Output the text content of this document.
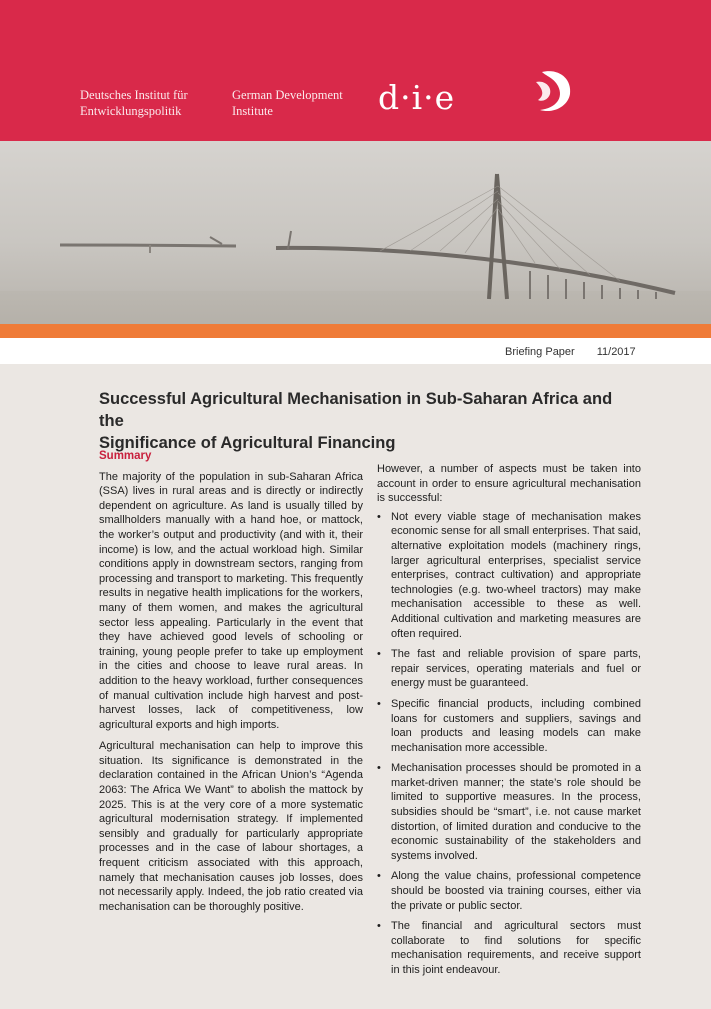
Deutsches Institut für
Entwicklungspolitik
German Development
Institute	d·i·e
Briefing Paper 11/2017
Successful Agricultural Mechanisation in Sub-Saharan Africa and the
Significance of Agricultural Financing
Summary

The majority of the population in sub-Saharan Africa (SSA) lives in rural areas and is directly or indirectly dependent on agriculture. As land is usually tilled by smallholders manually with a hand hoe, or mattock, the worker’s output and productivity (and with it, their income) is low, and the actual workload high. Similar conditions apply in downstream sectors, ranging from processing and transport to marketing. This frequently results in negative health implications for the workers, many of them women, and makes the agricultural sector less appealing. Particularly in the event that they have achieved good levels of schooling or training, young people prefer to take up employment in the cities and choose to leave rural areas. In addition to the heavy workload, further consequences of manual cultivation include high harvest and post-harvest losses, lack of competitiveness, low agricultural exports and high imports.

Agricultural mechanisation can help to improve this situation. Its significance is demonstrated in the declaration contained in the African Union’s “Agenda 2063: The Africa We Want” to abolish the mattock by 2025. This is at the very core of a more systematic agricultural modernisation strategy. If implemented sensibly and gradually for particularly appropriate processes and in the case of labour shortages, a frequent criticism associated with this approach, namely that mechanisation causes job losses, does not necessarily apply. Indeed, the job ratio created via mechanisation can be thoroughly positive.

However, a number of aspects must be taken into account in order to ensure agricultural mechanisation is successful:

• Not every viable stage of mechanisation makes economic sense for all small enterprises. That said, alternative exploitation models (machinery rings, larger agricultural enterprises, specialist service enterprises, contract cultivation) and appropriate technologies (e.g. two-wheel tractors) may make mechanisation accessible to these as well. Additional cultivation and marketing measures are often required.
• The fast and reliable provision of spare parts, repair services, operating materials and fuel or energy must be guaranteed.
• Specific financial products, including combined loans for customers and suppliers, savings and loan products and leasing models can make mechanisation more accessible.
• Mechanisation processes should be promoted in a market-driven manner; the state’s role should be limited to supportive measures. In the process, subsidies should be “smart”, i.e. not cause market distortion, of limited duration and conducive to the economic sustainability of the stakeholders and systems involved.
• Along the value chains, professional competence should be boosted via training courses, either via the private or public sector.
• The financial and agricultural sectors must collaborate to find solutions for specific mechanisation requirements, and receive support in this joint endeavour.
